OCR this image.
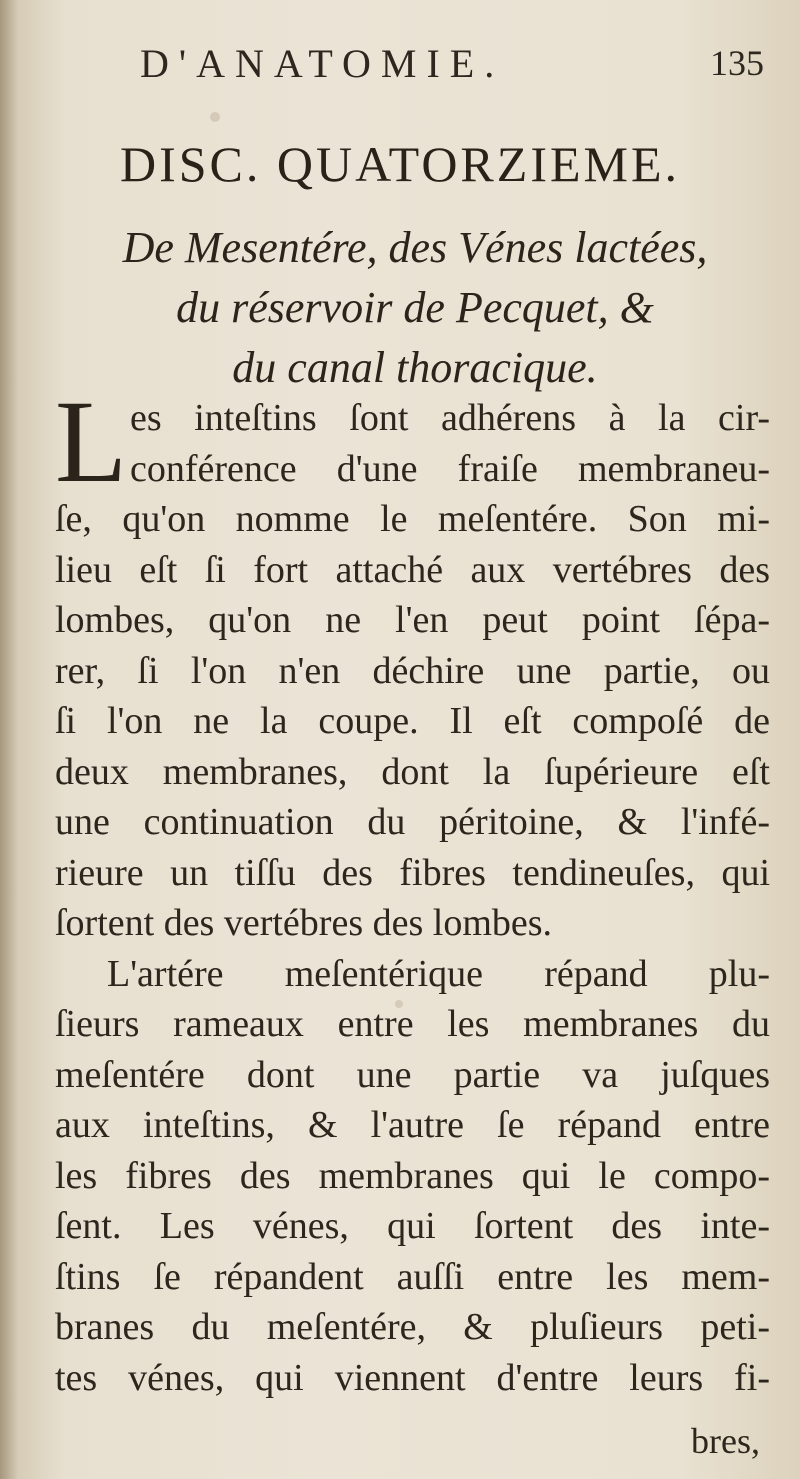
D'ANATOMIE.	135
DISC. QUATORZIEME.
De Mesentére, des Vénes lactées,
du réservoir de Pecquet, &
du canal thoracique.
L es inteſtins ſont adhérens à la cir-
conférence d'une fraiſe membraneu-
ſe, qu'on nomme le meſentére. Son mi-
lieu eſt ſi fort attaché aux vertébres des
lombes, qu'on ne l'en peut point ſépa-
rer, ſi l'on n'en déchire une partie, ou
ſi l'on ne la coupe. Il eſt compoſé de
deux membranes, dont la ſupérieure eſt
une continuation du péritoine, & l'infé-
rieure un tiſſu des fibres tendineuſes, qui
ſortent des vertébres des lombes.
L'artére meſentérique répand plu-
ſieurs rameaux entre les membranes du
meſentére dont une partie va juſques
aux inteſtins, & l'autre ſe répand entre
les fibres des membranes qui le compo-
ſent. Les vénes, qui ſortent des inte-
ſtins ſe répandent auſſi entre les mem-
branes du meſentére, & pluſieurs peti-
tes vénes, qui viennent d'entre leurs fi-
bres,
